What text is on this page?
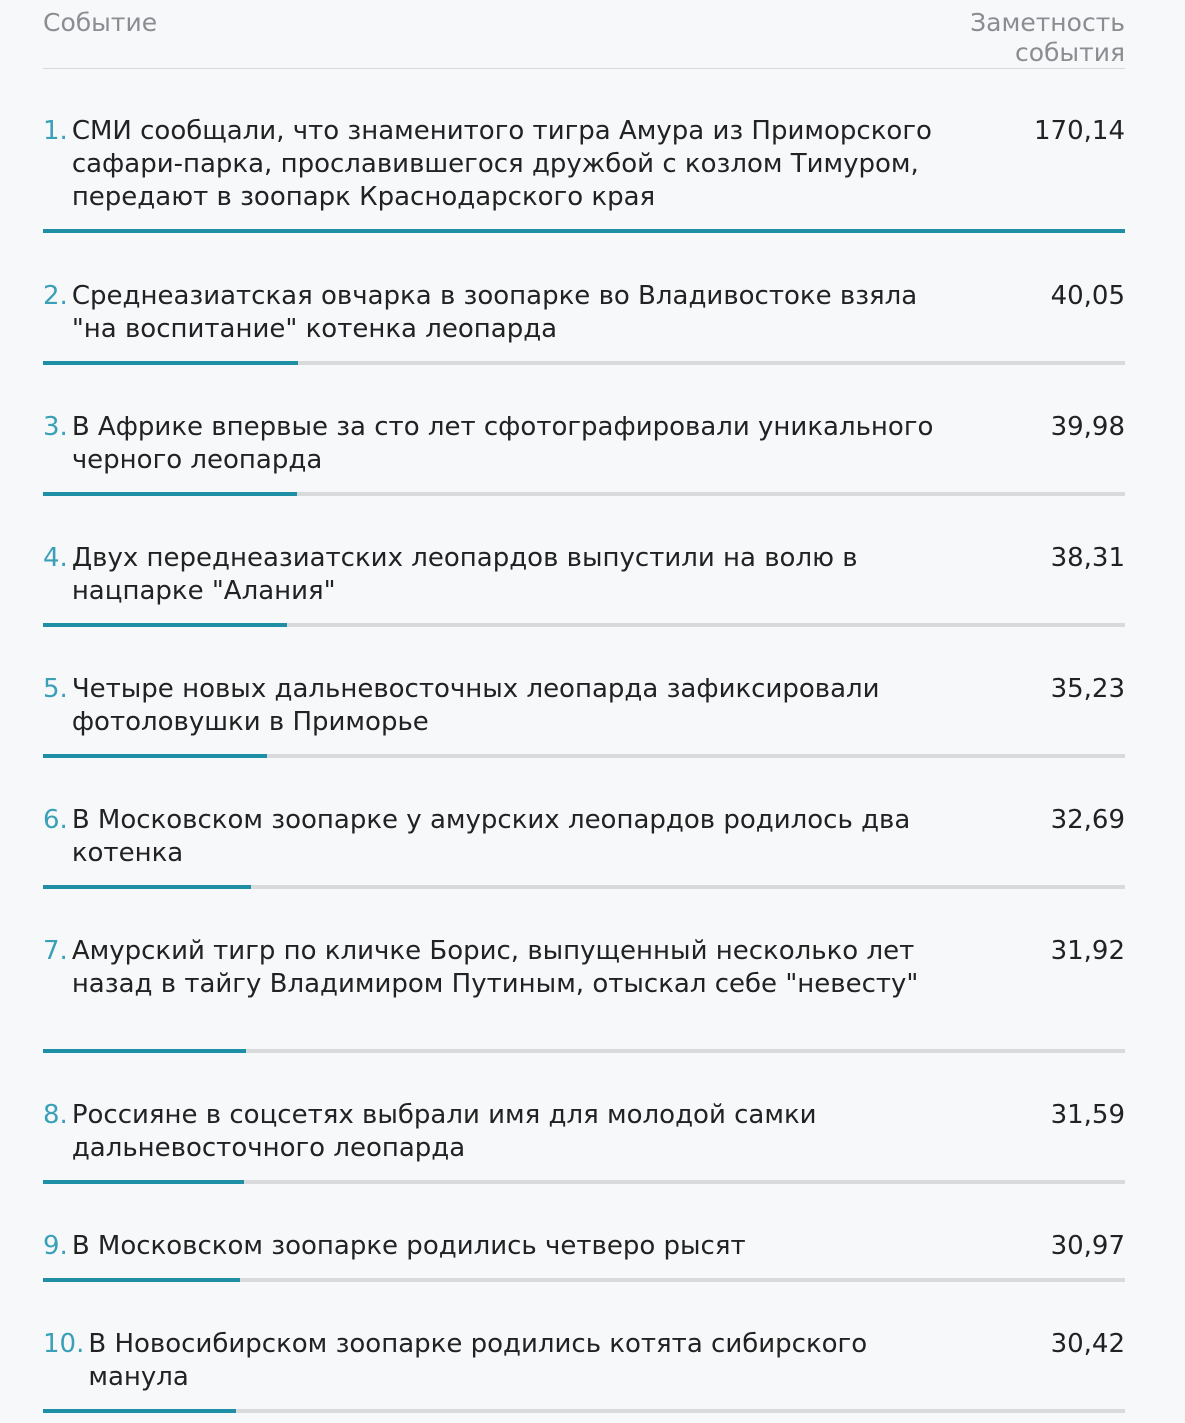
Событие	Заметность события
1. СМИ сообщали, что знаменитого тигра Амура из Приморского сафари-парка, прославившегося дружбой с козлом Тимуром, передают в зоопарк Краснодарского края
170,14
2. Среднеазиатская овчарка в зоопарке во Владивостоке взяла "на воспитание" котенка леопарда
40,05
3. В Африке впервые за сто лет сфотографировали уникального черного леопарда
39,98
4. Двух переднеазиатских леопардов выпустили на волю в нацпарке "Алания"
38,31
5. Четыре новых дальневосточных леопарда зафиксировали фотоловушки в Приморье
35,23
6. В Московском зоопарке у амурских леопардов родилось два котенка
32,69
7. Амурский тигр по кличке Борис, выпущенный несколько лет назад в тайгу Владимиром Путиным, отыскал себе "невесту"
31,92
8. Россияне в соцсетях выбрали имя для молодой самки дальневосточного леопарда
31,59
9. В Московском зоопарке родились четверо рысят	30,97
10. В Новосибирском зоопарке родились котята сибирского манула
30,42
